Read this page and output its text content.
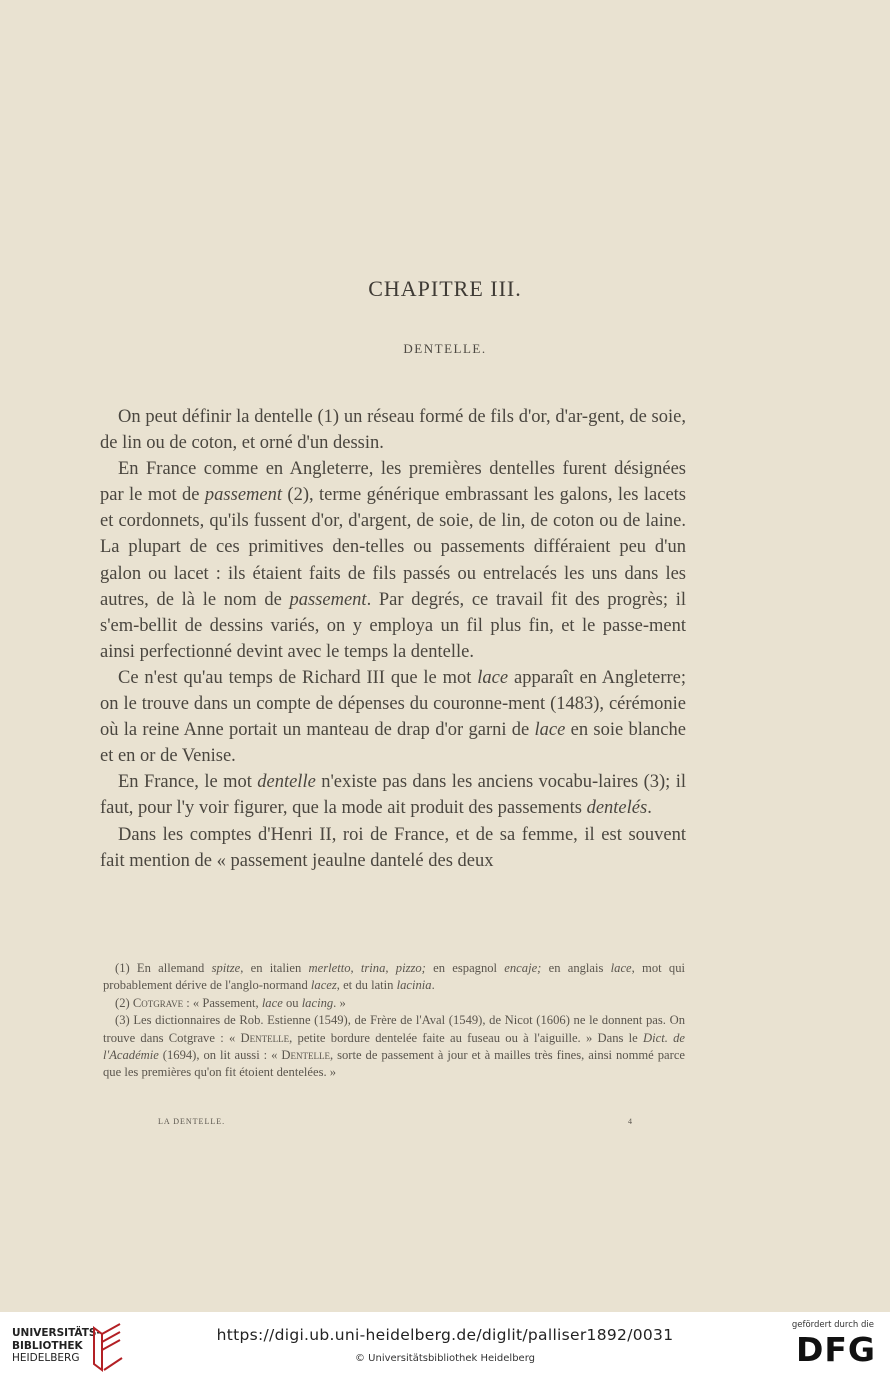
CHAPITRE III.
DENTELLE.

On peut définir la dentelle (1) un réseau formé de fils d'or, d'ar-gent, de soie, de lin ou de coton, et orné d'un dessin.

En France comme en Angleterre, les premières dentelles furent désignées par le mot de passement (2), terme générique embrassant les galons, les lacets et cordonnets, qu'ils fussent d'or, d'argent, de soie, de lin, de coton ou de laine. La plupart de ces primitives den-telles ou passements différaient peu d'un galon ou lacet : ils étaient faits de fils passés ou entrelacés les uns dans les autres, de là le nom de passement. Par degrés, ce travail fit des progrès; il s'em-bellit de dessins variés, on y employa un fil plus fin, et le passe-ment ainsi perfectionné devint avec le temps la dentelle.

Ce n'est qu'au temps de Richard III que le mot lace apparaît en Angleterre; on le trouve dans un compte de dépenses du couronne-ment (1483), cérémonie où la reine Anne portait un manteau de drap d'or garni de lace en soie blanche et en or de Venise.

En France, le mot dentelle n'existe pas dans les anciens vocabu-laires (3); il faut, pour l'y voir figurer, que la mode ait produit des passements dentelés.

Dans les comptes d'Henri II, roi de France, et de sa femme, il est souvent fait mention de « passement jeaulne dantelé des deux

(1) En allemand spitze, en italien merletto, trina, pizzo; en espagnol encaje; en anglais lace, mot qui probablement dérive de l'anglo-normand lacez, et du latin lacinia.

(2) Cotgrave : « Passement, lace ou lacing. »

(3) Les dictionnaires de Rob. Estienne (1549), de Frère de l'Aval (1549), de Nicot (1606) ne le donnent pas. On trouve dans Cotgrave : « Dentelle, petite bordure dentelée faite au fuseau ou à l'aiguille. » Dans le Dict. de l'Académie (1694), on lit aussi : « Dentelle, sorte de passement à jour et à mailles très fines, ainsi nommé parce que les premières qu'on fit étoient dentelées. »

LA DENTELLE.	4
UNIVERSITÄTS-
BIBLIOTHEK
HEIDELBERG
https://digi.ub.uni-heidelberg.de/diglit/palliser1892/0031
© Universitätsbibliothek Heidelberg
gefördert durch die
DFG
